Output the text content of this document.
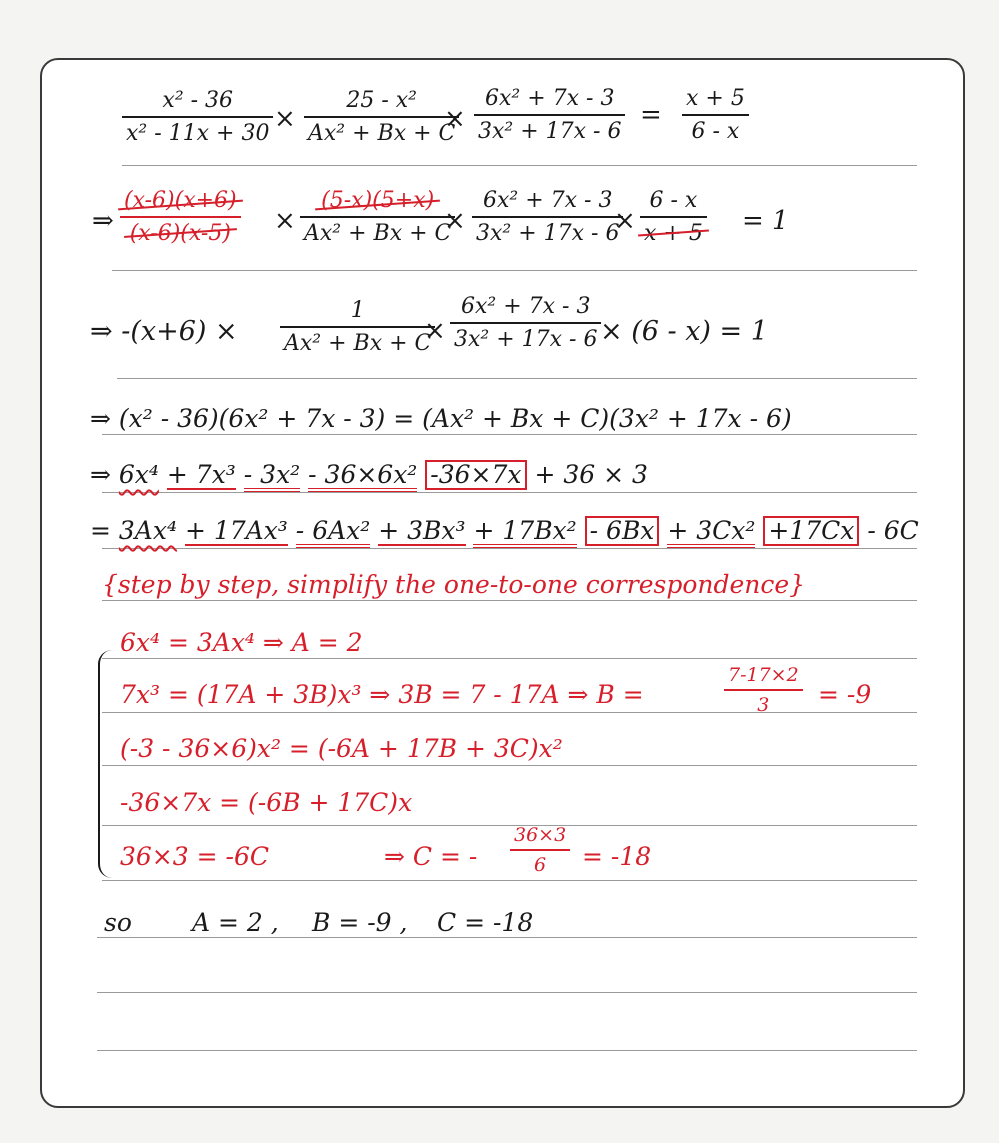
x² - 36
x² - 11x + 30 ×
25 - x²
Ax² + Bx + C
×
6x² + 7x - 3
3x² + 17x - 6
=
x + 5
6 - x
⇒
(x-6)(x+6)
(x-6)(x-5) ×
(5-x)(5+x)
Ax² + Bx + C
×
6x² + 7x - 3
3x² + 17x - 6
×
6 - x
x + 5 = 1
⇒ -(x+6) ×
1
Ax² + Bx + C
×
6x² + 7x - 3
3x² + 17x - 6 × (6 - x) = 1
⇒ (x² - 36)(6x² + 7x - 3) = (Ax² + Bx + C)(3x² + 17x - 6)
⇒ 6x⁴ + 7x³ - 3x² - 36×6x² -36×7x + 36 × 3
= 3Ax⁴ + 17Ax³ - 6Ax² + 3Bx³ + 17Bx² - 6Bx + 3Cx² +17Cx - 6C
{step by step, simplify the one-to-one correspondence}
6x⁴ = 3Ax⁴ ⇒ A = 2
7x³ = (17A + 3B)x³ ⇒ 3B = 7 - 17A ⇒ B =
7-17×2
3 = -9
(-3 - 36×6)x² = (-6A + 17B + 3C)x²
-36×7x = (-6B + 17C)x
36×3 = -6C	⇒ C = -
36×3
6 = -18
so A = 2 , B = -9 , C = -18
